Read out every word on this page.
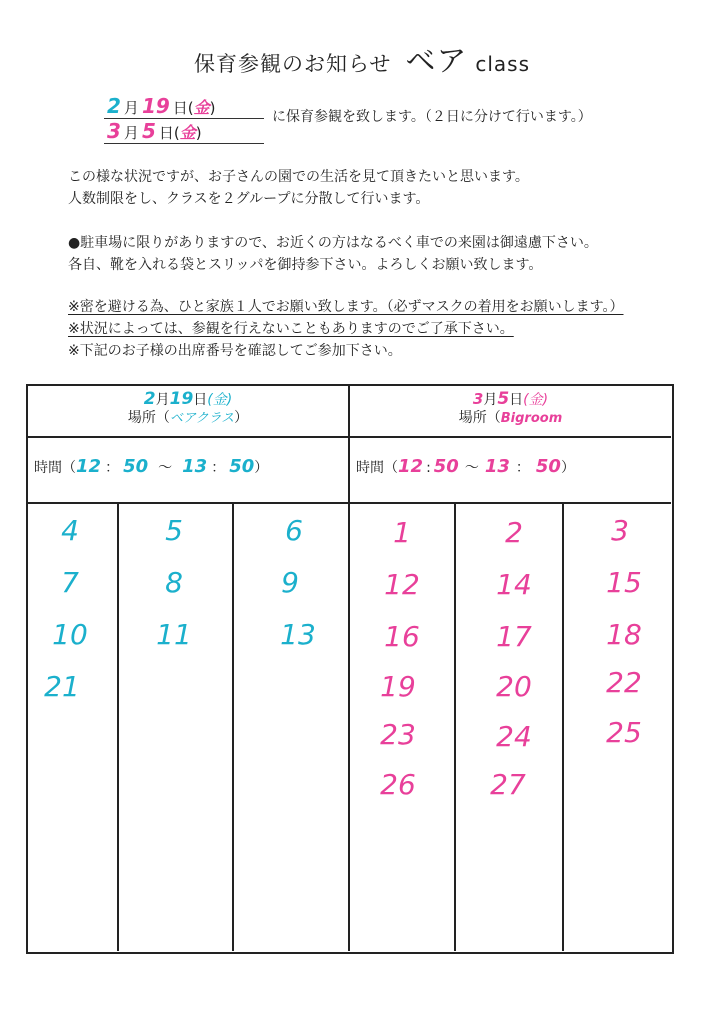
保育参観のお知らせ ベア class
2 月 19 日(金)
3 月 5 日(金)
に保育参観を致します。（２日に分けて行います。）
この様な状況ですが、お子さんの園での生活を見て頂きたいと思います。
人数制限をし、クラスを２グループに分散して行います。
●駐車場に限りがありますので、お近くの方はなるべく車での来園は御遠慮下さい。
各自、靴を入れる袋とスリッパを御持参下さい。よろしくお願い致します。
※密を避ける為、ひと家族１人でお願い致します。（必ずマスクの着用をお願いします。）
※状況によっては、参観を行えないこともありますのでご了承下さい。
※下記のお子様の出席番号を確認してご参加下さい。
2月19日(金)
場所（ベアクラス）
3月5日(金)
場所（Bigroom
時間（12 ： 50 ～ 13 ： 50）	時間（12 : 50 ～ 13 ： 50）
4
7
10
21
5
8
11
6
9
13
1
12
16
19
23
26
2
14
17
20
24
27
3
15
18
22
25
